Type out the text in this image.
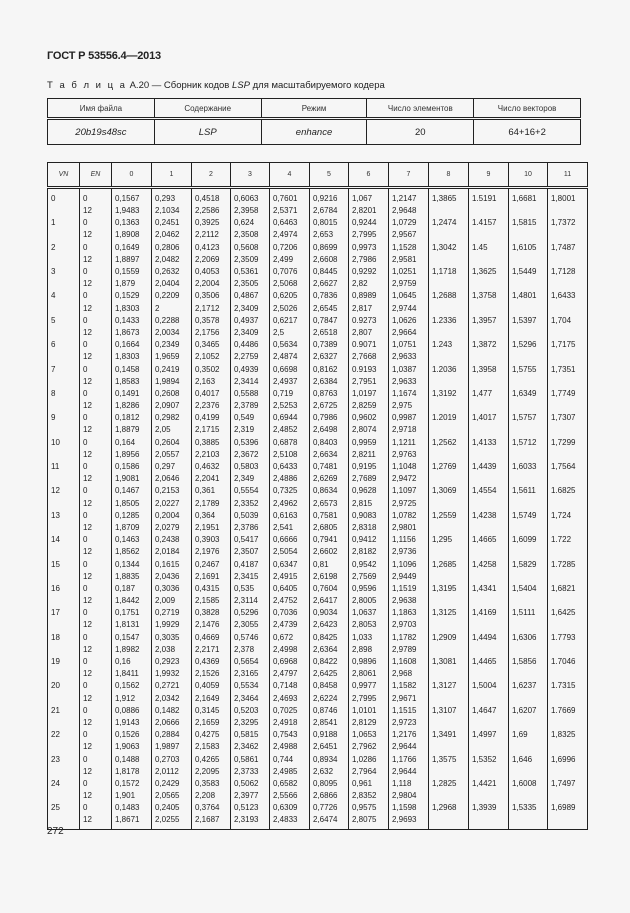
ГОСТ Р 53556.4—2013
Т а б л и ц а А.20 — Сборник кодов LSP для масштабируемого кодера
Имя файла	Содержание	Режим	Число элементов	Число векторов
20b19s48sc	LSP	enhance	20	64+16+2
VN	EN	0	1	2	3	4	5	6	7	8	9	10	11
0	0	0,1567	0,293	0,4518	0,6063	0,7601	0,9216	1,067	1,2147	1,3865	1.5191	1,6681	1,8001
	12	1,9483	2,1034	2,2586	2,3958	2,5371	2,6784	2,8201	2,9648				
1	0	0,1363	0,2451	0,3925	0,624	0,6463	0,8015	0,9244	1,0729	1,2474	1.4157	1,5815	1,7372
	12	1,8908	2,0462	2,2112	2,3508	2,4974	2,653	2,7995	2,9567				
2	0	0,1649	0,2806	0,4123	0,5608	0,7206	0,8699	0,9973	1,1528	1,3042	1.45	1,6105	1,7487
	12	1,8897	2,0482	2,2069	2,3509	2,499	2,6608	2,7986	2,9581				
3	0	0,1559	0,2632	0,4053	0,5361	0,7076	0,8445	0,9292	1,0251	1,1718	1,3625	1,5449	1,7128
	12	1,879	2,0404	2,2004	2,3505	2,5068	2,6627	2,82	2,9759				
4	0	0,1529	0,2209	0,3506	0,4867	0,6205	0,7836	0,8989	1,0645	1,2688	1,3758	1,4801	1,6433
	12	1,8303	2	2,1712	2,3409	2,5026	2,6545	2,817	2,9744				
5	0	0,1433	0,2288	0,3578	0,4937	0,6217	0,7847	0.9273	1,0626	1.2336	1,3957	1,5397	1,704
	12	1,8673	2,0034	2,1756	2,3409	2,5	2,6518	2,807	2,9664				
6	0	0,1664	0,2349	0,3465	0,4486	0,5634	0,7389	0.9071	1,0751	1.243	1,3872	1,5296	1,7175
	12	1,8303	1,9659	2,1052	2,2759	2,4874	2,6327	2,7668	2,9633				
7	0	0,1458	0,2419	0,3502	0,4939	0,6698	0,8162	0.9193	1,0387	1.2036	1,3958	1,5755	1,7351
	12	1,8583	1,9894	2,163	2,3414	2,4937	2,6384	2,7951	2,9633				
8	0	0,1491	0,2608	0,4017	0,5588	0,719	0,8763	1,0197	1,1674	1,3192	1,477	1,6349	1,7749
	12	1,8286	2,0907	2,2376	2,3789	2,5253	2,6725	2,8259	2,975				
9	0	0,1812	0,2982	0,4199	0,549	0,6944	0,7986	0,9602	0,9987	1.2019	1,4017	1,5757	1,7307
	12	1,8879	2,05	2,1715	2,319	2,4852	2,6498	2,8074	2,9718				
10	0	0,164	0,2604	0,3885	0,5396	0,6878	0,8403	0,9959	1,1211	1,2562	1,4133	1,5712	1,7299
	12	1,8956	2,0557	2,2103	2,3672	2,5108	2,6634	2,8211	2,9763				
11	0	0,1586	0,297	0,4632	0,5803	0,6433	0,7481	0,9195	1,1048	1,2769	1,4439	1,6033	1,7564
	12	1,9081	2,0646	2,2041	2,349	2,4886	2,6269	2,7689	2,9472				
12	0	0,1467	0,2153	0,361	0,5554	0,7325	0,8634	0,9628	1,1097	1,3069	1,4554	1,5611	1.6825
	12	1,8505	2,0227	2,1789	2,3352	2,4962	2,6573	2,815	2,9725				
13	0	0,1285	0,2004	0,364	0,5039	0,6163	0,7581	0,9083	1,0782	1,2559	1,4238	1,5749	1,724
	12	1,8709	2,0279	2,1951	2,3786	2,541	2,6805	2,8318	2,9801				
14	0	0,1463	0,2438	0,3903	0,5417	0,6666	0,7941	0,9412	1,1156	1,295	1,4665	1,6099	1.722
	12	1,8562	2,0184	2,1976	2,3507	2,5054	2,6602	2,8182	2,9736				
15	0	0,1344	0,1615	0,2467	0,4187	0,6347	0,81	0,9542	1,1096	1,2685	1,4258	1,5829	1.7285
	12	1,8835	2,0436	2,1691	2,3415	2,4915	2,6198	2,7569	2,9449				
16	0	0,187	0,3036	0,4315	0,535	0,6405	0,7604	0,9596	1,1519	1,3195	1,4341	1,5404	1,6821
	12	1,8442	2,009	2,1585	2,3114	2,4752	2,6417	2,8005	2,9638				
17	0	0,1751	0,2719	0,3828	0,5296	0,7036	0,9034	1,0637	1,1863	1,3125	1,4169	1,5111	1,6425
	12	1,8131	1,9929	2,1476	2,3055	2,4739	2,6423	2,8053	2,9703				
18	0	0,1547	0,3035	0,4669	0,5746	0,672	0,8425	1,033	1,1782	1,2909	1,4494	1,6306	1.7793
	12	1,8982	2,038	2,2171	2,378	2,4998	2,6364	2,898	2,9789				
19	0	0,16	0,2923	0,4369	0,5654	0,6968	0,8422	0,9896	1,1608	1,3081	1,4465	1,5856	1.7046
	12	1,8411	1,9932	2,1526	2,3165	2,4797	2,6425	2,8061	2,968				
20	0	0,1562	0,2721	0,4059	0,5534	0,7148	0,8458	0,9977	1,1582	1,3127	1,5004	1,6237	1.7315
	12	1,912	2,0342	2,1649	2,3464	2,4693	2,6224	2,7995	2,9671				
21	0	0,0886	0,1482	0,3145	0,5203	0,7025	0,8746	1,0101	1,1515	1,3107	1,4647	1,6207	1.7669
	12	1,9143	2,0666	2,1659	2,3295	2,4918	2,8541	2,8129	2,9723				
22	0	0,1526	0,2884	0,4275	0,5815	0,7543	0,9188	1,0653	1,2176	1,3491	1,4997	1,69	1,8325
	12	1,9063	1,9897	2,1583	2,3462	2,4988	2,6451	2,7962	2,9644				
23	0	0,1488	0,2703	0,4265	0,5861	0,744	0,8934	1,0286	1,1766	1,3575	1,5352	1,646	1,6996
	12	1,8178	2,0112	2,2095	2,3733	2,4985	2,632	2,7964	2,9644				
24	0	0,1572	0,2429	0,3583	0,5062	0,6582	0,8095	0,961	1,118	1,2825	1,4421	1,6008	1,7497
	12	1,901	2,0565	2,208	2,3977	2,5566	2,6866	2,8352	2,9804				
25	0	0,1483	0,2405	0,3764	0,5123	0,6309	0,7726	0,9575	1,1598	1,2968	1,3939	1,5335	1,6989
	12	1,8671	2,0255	2,1687	2,3193	2,4833	2,6474	2,8075	2,9693				
272
